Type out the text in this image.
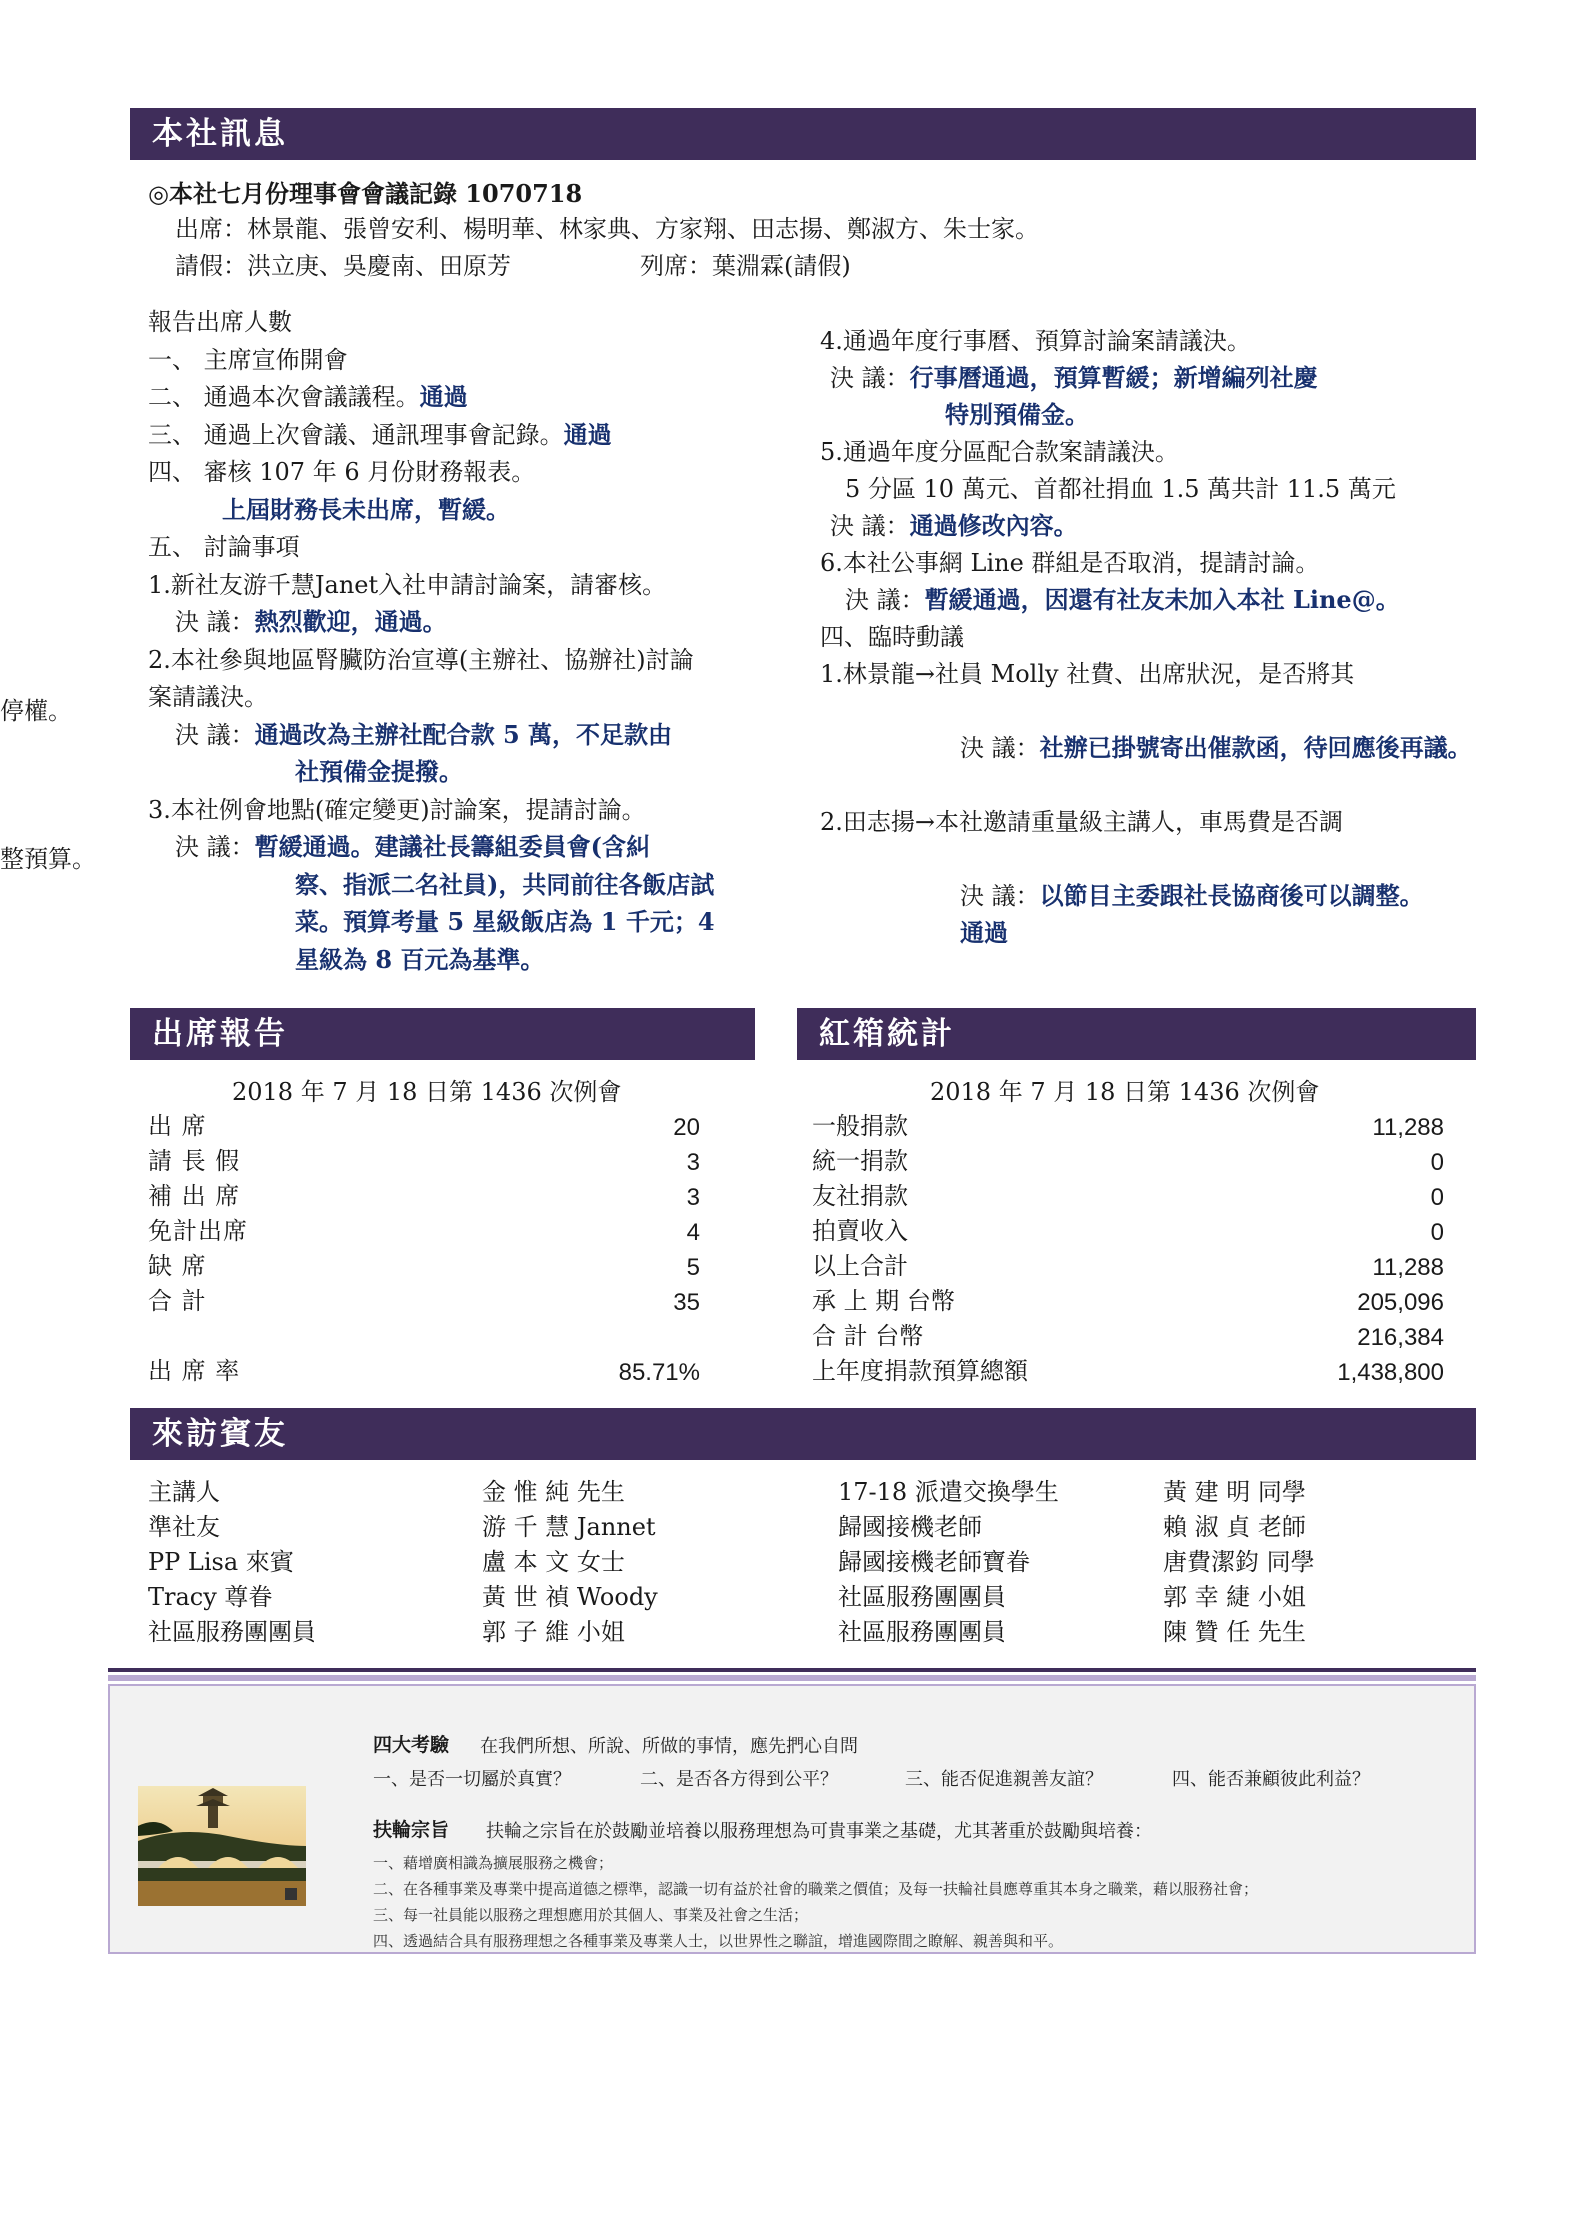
本社訊息
◎本社七月份理事會會議記錄 1070718
出席：林景龍、張曾安利、楊明華、林家典、方家翔、田志揚、鄭淑方、朱士家。
請假：洪立庚、吳慶南、田原芳	列席：葉淵霖(請假)
報告出席人數
一、 主席宣佈開會
二、 通過本次會議議程。通過
三、 通過上次會議、通訊理事會記錄。通過
四、 審核 107 年 6 月份財務報表。
上屆財務長未出席，暫緩。
五、 討論事項
1.新社友游千慧Janet入社申請討論案，請審核。
決 議：熱烈歡迎，通過。
2.本社參與地區腎臟防治宣導(主辦社、協辦社)討論
案請議決。
決 議：通過改為主辦社配合款 5 萬，不足款由
社預備金提撥。
3.本社例會地點(確定變更)討論案，提請討論。
決 議：暫緩通過。建議社長籌組委員會(含糾
察、指派二名社員)，共同前往各飯店試
菜。預算考量 5 星級飯店為 1 千元；4
星級為 8 百元為基準。
4.通過年度行事曆、預算討論案請議決。
決 議：行事曆通過，預算暫緩；新增編列社慶
特別預備金。
5.通過年度分區配合款案請議決。
5 分區 10 萬元、首都社捐血 1.5 萬共計 11.5 萬元
決 議：通過修改內容。
6.本社公事網 Line 群組是否取消，提請討論。
決 議：暫緩通過，因還有社友未加入本社 Line@。
四、臨時動議
1.林景龍→社員 Molly 社費、出席狀況，是否將其
停權。
決 議：社辦已掛號寄出催款函，待回應後再議。
2.田志揚→本社邀請重量級主講人，車馬費是否調
整預算。
決 議：以節目主委跟社長協商後可以調整。
通過
出席報告
2018 年 7 月 18 日第 1436 次例會
出 席	20
請 長 假	3
補 出 席	3
免計出席	4
缺 席	5
合 計	35
出 席 率	85.71%
紅箱統計
2018 年 7 月 18 日第 1436 次例會
一般捐款	11,288
統一捐款	0
友社捐款	0
拍賣收入	0
以上合計	11,288
承 上 期 台幣	205,096
合 計 台幣	216,384
上年度捐款預算總額	1,438,800
來訪賓友
主講人	金 惟 純 先生	17-18 派遣交換學生	黃 建 明 同學
準社友	游 千 慧 Jannet	歸國接機老師	賴 淑 貞 老師
PP Lisa 來賓	盧 本 文 女士	歸國接機老師寶眷	唐費潔鈞 同學
Tracy 尊眷	黃 世 禎 Woody	社區服務團團員	郭 幸 緁 小姐
社區服務團團員	郭 子 維 小姐	社區服務團團員	陳 贊 任 先生
四大考驗 在我們所想、所說、所做的事情，應先捫心自問
一、是否一切屬於真實？	二、是否各方得到公平？	三、能否促進親善友誼？	四、能否兼顧彼此利益？
扶輪宗旨 扶輪之宗旨在於鼓勵並培養以服務理想為可貴事業之基礎，尤其著重於鼓勵與培養：
一、藉增廣相識為擴展服務之機會；
二、在各種事業及專業中提高道德之標準，認識一切有益於社會的職業之價值；及每一扶輪社員應尊重其本身之職業，藉以服務社會；
三、每一社員能以服務之理想應用於其個人、事業及社會之生活；
四、透過結合具有服務理想之各種事業及專業人士，以世界性之聯誼，增進國際間之瞭解、親善與和平。
